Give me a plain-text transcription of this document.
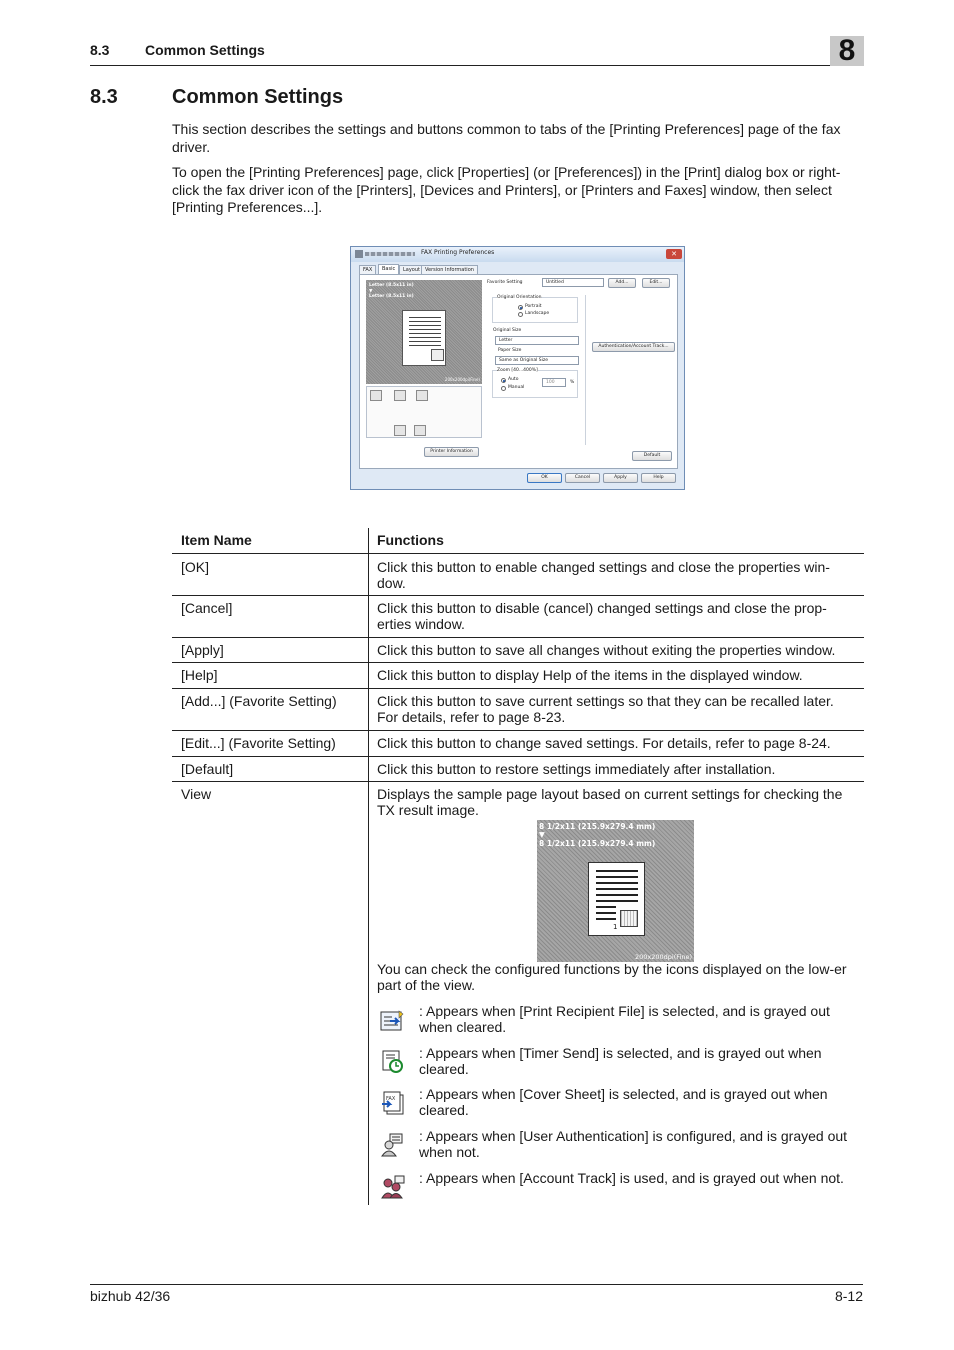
8.3	Common Settings	8
8.3	Common Settings

This section describes the settings and buttons common to tabs of the [Printing Preferences] page of the fax driver.

To open the [Printing Preferences] page, click [Properties] (or [Preferences]) in the [Print] dialog box or right-click the fax driver icon of the [Printers], [Devices and Printers], or [Printers and Faxes] window, then select [Printing Preferences...].

FAX Printing Preferences	✕
FAX	Basic	Layout	Version Information
Letter (8.5x11 in)
▼
Letter (8.5x11 in)
200x200dpi(Fine)
Printer Information
Favorite Setting	Untitled	Add...	Edit...
Original Orientation
Portrait
Landscape
Original Size
Letter
Paper Size
Same as Original Size
Zoom [40...400%]
Auto
Manual
100	%
Authentication/Account Track...
Default
OK	Cancel	Apply	Help
Item Name	Functions
[OK]	Click this button to enable changed settings and close the properties win-dow.
[Cancel]	Click this button to disable (cancel) changed settings and close the prop-erties window.
[Apply]	Click this button to save all changes without exiting the properties window.
[Help]	Click this button to display Help of the items in the displayed window.
[Add...] (Favorite Setting)	Click this button to save current settings so that they can be recalled later. For details, refer to page 8-23.
[Edit...] (Favorite Setting)	Click this button to change saved settings. For details, refer to page 8-24.
[Default]	Click this button to restore settings immediately after installation.
View	Displays the sample page layout based on current settings for checking the TX result image.
8 1/2x11 (215.9x279.4 mm)
▼
8 1/2x11 (215.9x279.4 mm)
1
200x200dpi(Fine)

You can check the configured functions by the icons displayed on the low-er part of the view.

: Appears when [Print Recipient File] is selected, and is grayed out when cleared.

: Appears when [Timer Send] is selected, and is grayed out when cleared.

FAX : Appears when [Cover Sheet] is selected, and is grayed out when cleared.

: Appears when [User Authentication] is configured, and is grayed out when not.

: Appears when [Account Track] is used, and is grayed out when not.

bizhub 42/36	8-12
